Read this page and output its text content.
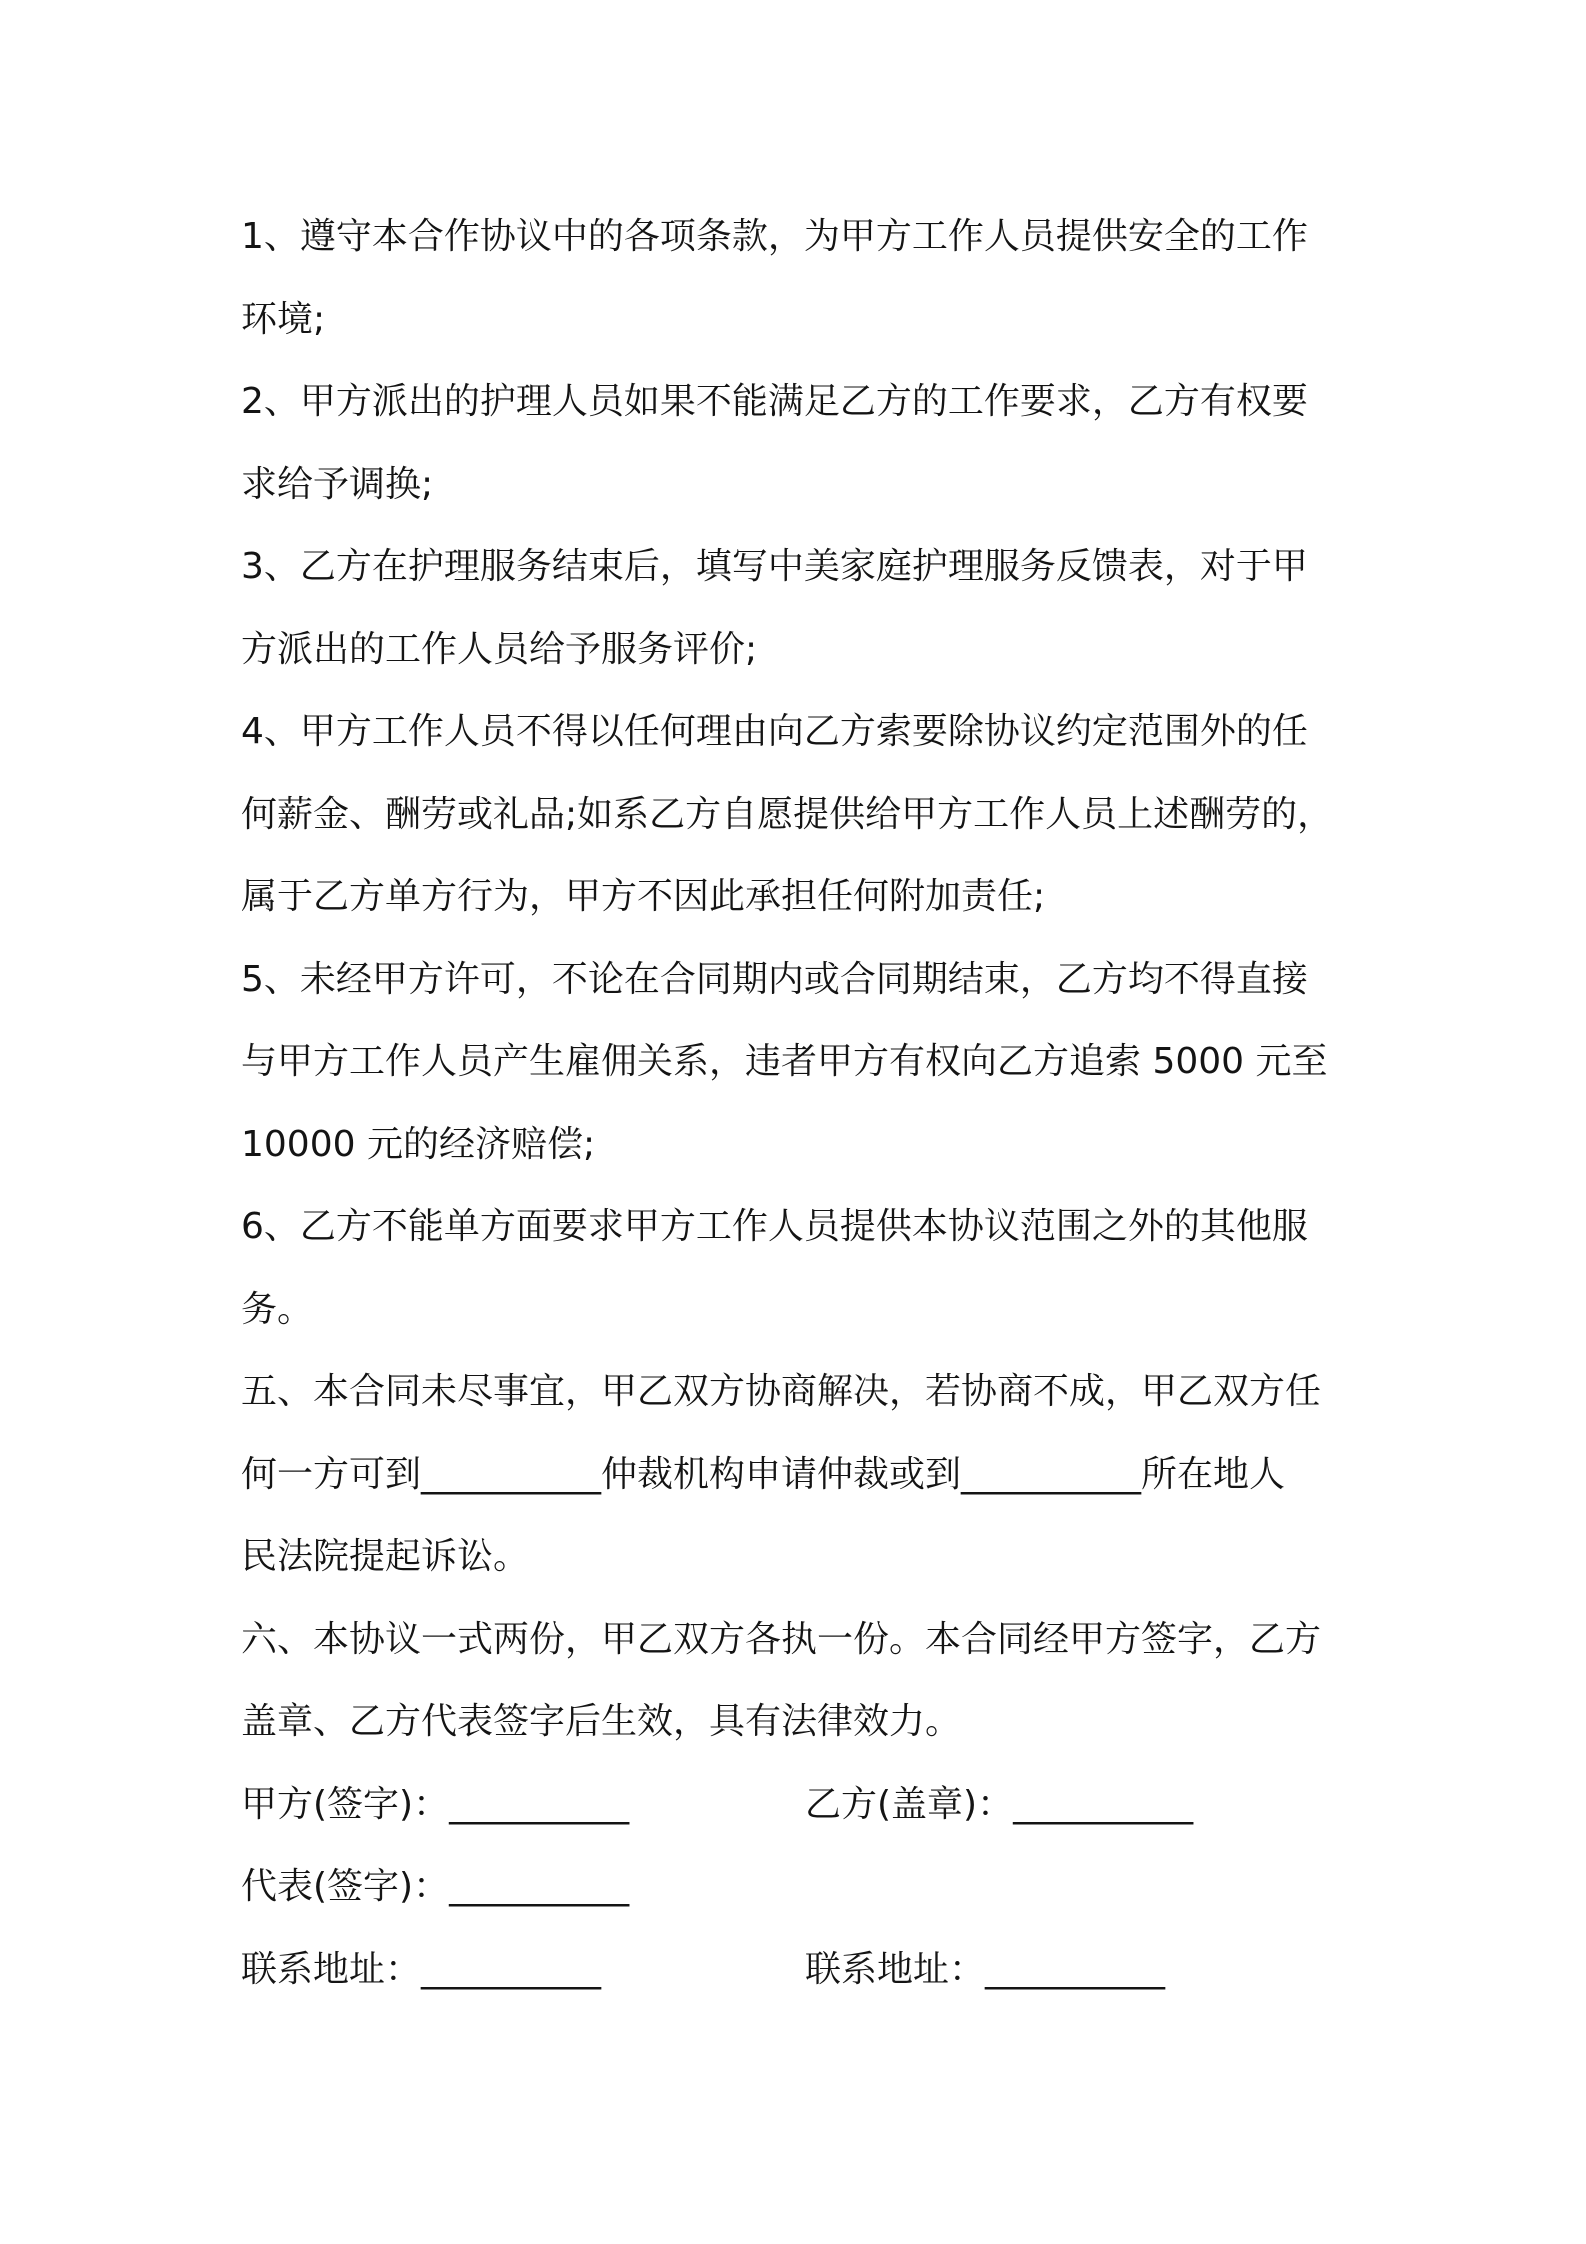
1、遵守本合作协议中的各项条款，为甲方工作人员提供安全的工作
环境;

2、甲方派出的护理人员如果不能满足乙方的工作要求，乙方有权要
求给予调换;

3、乙方在护理服务结束后，填写中美家庭护理服务反馈表，对于甲
方派出的工作人员给予服务评价;

4、甲方工作人员不得以任何理由向乙方索要除协议约定范围外的任
何薪金、酬劳或礼品;如系乙方自愿提供给甲方工作人员上述酬劳的，
属于乙方单方行为，甲方不因此承担任何附加责任;

5、未经甲方许可，不论在合同期内或合同期结束，乙方均不得直接
与甲方工作人员产生雇佣关系，违者甲方有权向乙方追索 5000 元至
10000 元的经济赔偿;

6、乙方不能单方面要求甲方工作人员提供本协议范围之外的其他服
务。

五、本合同未尽事宜，甲乙双方协商解决，若协商不成，甲乙双方任
何一方可到__________仲裁机构申请仲裁或到__________所在地人
民法院提起诉讼。

六、本协议一式两份，甲乙双方各执一份。本合同经甲方签字，乙方
盖章、乙方代表签字后生效，具有法律效力。

甲方(签字)：__________	乙方(盖章)：__________
代表(签字)：__________
联系地址：__________	联系地址：__________
